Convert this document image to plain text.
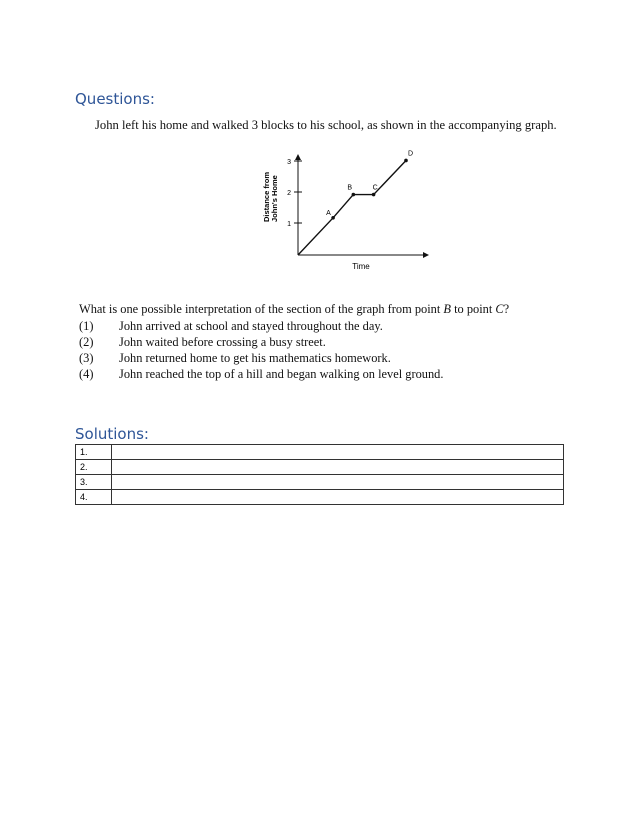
Questions:
John left his home and walked 3 blocks to his school, as shown in the accompanying graph.
1
2
3
Distance from John's Home
Time
A
B	C
D
What is one possible interpretation of the section of the graph from point B to point C?
(1) John arrived at school and stayed throughout the day.
(2) John waited before crossing a busy street.
(3) John returned home to get his mathematics homework.
(4) John reached the top of a hill and began walking on level ground.
Solutions:
1.	
2.	
3.	
4.	
